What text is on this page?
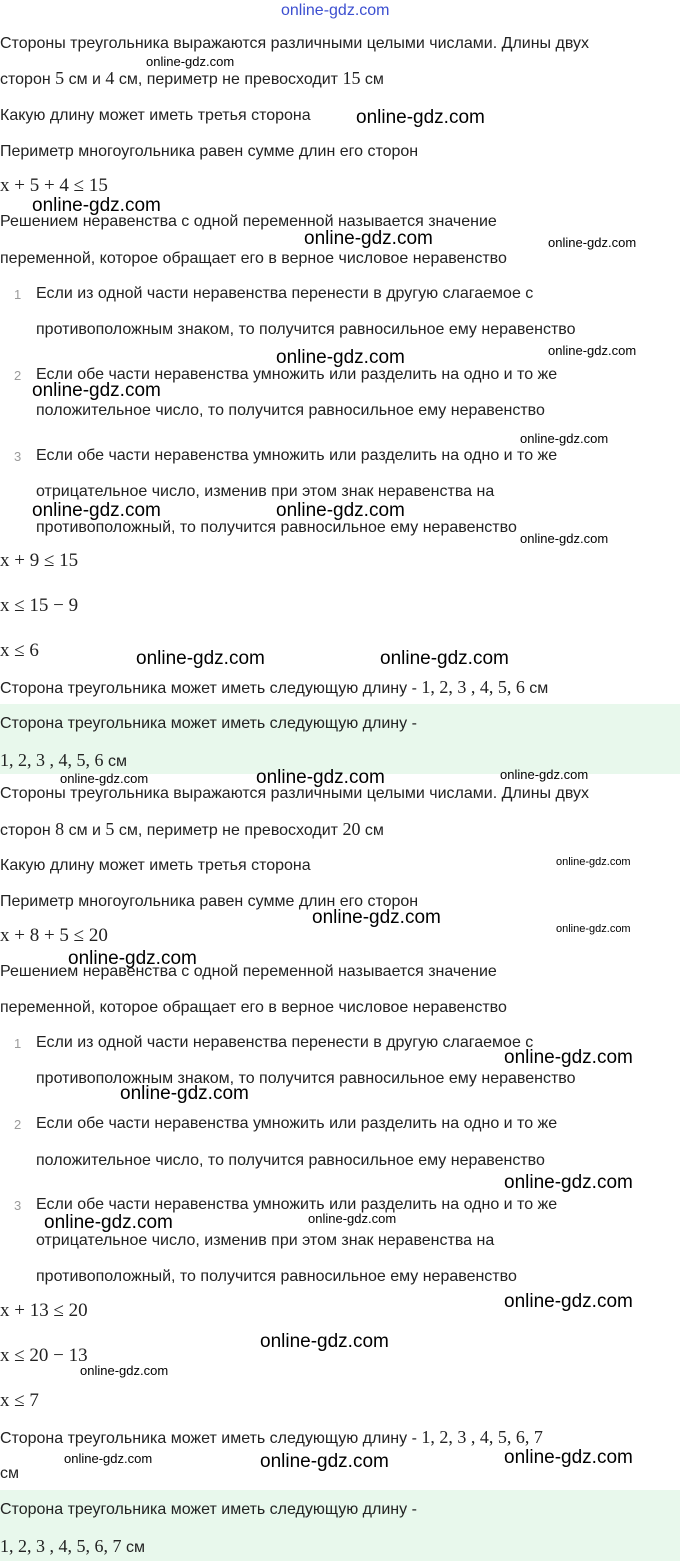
online-gdz.com
Стороны треугольника выражаются различными целыми числами. Длины двух
сторон 5 см и 4 см, периметр не превосходит 15 см
Какую длину может иметь третья сторона
Периметр многоугольника равен сумме длин его сторон
x + 5 + 4 ≤ 15
Решением неравенства с одной переменной называется значение
переменной, которое обращает его в верное числовое неравенство
1 Если из одной части неравенства перенести в другую слагаемое с
противоположным знаком, то получится равносильное ему неравенство
2 Если обе части неравенства умножить или разделить на одно и то же
положительное число, то получится равносильное ему неравенство
3 Если обе части неравенства умножить или разделить на одно и то же
отрицательное число, изменив при этом знак неравенства на
противоположный, то получится равносильное ему неравенство
x + 9 ≤ 15
x ≤ 15 − 9
x ≤ 6
Сторона треугольника может иметь следующую длину - 1, 2, 3 , 4, 5, 6 см
Сторона треугольника может иметь следующую длину -
1, 2, 3 , 4, 5, 6 см
Стороны треугольника выражаются различными целыми числами. Длины двух
сторон 8 см и 5 см, периметр не превосходит 20 см
Какую длину может иметь третья сторона
Периметр многоугольника равен сумме длин его сторон
x + 8 + 5 ≤ 20
Решением неравенства с одной переменной называется значение
переменной, которое обращает его в верное числовое неравенство
1 Если из одной части неравенства перенести в другую слагаемое с
противоположным знаком, то получится равносильное ему неравенство
2 Если обе части неравенства умножить или разделить на одно и то же
положительное число, то получится равносильное ему неравенство
3 Если обе части неравенства умножить или разделить на одно и то же
отрицательное число, изменив при этом знак неравенства на
противоположный, то получится равносильное ему неравенство
x + 13 ≤ 20
x ≤ 20 − 13
x ≤ 7
Сторона треугольника может иметь следующую длину - 1, 2, 3 , 4, 5, 6, 7
см
Сторона треугольника может иметь следующую длину -
1, 2, 3 , 4, 5, 6, 7 см
online-gdz.com
online-gdz.com
online-gdz.com
online-gdz.com	online-gdz.com
online-gdz.com	online-gdz.com
online-gdz.com
online-gdz.com
online-gdz.com	online-gdz.com
online-gdz.com
online-gdz.com	online-gdz.com
online-gdz.com	online-gdz.com	online-gdz.com
online-gdz.com
online-gdz.com
online-gdz.com
online-gdz.com
online-gdz.com
online-gdz.com
online-gdz.com
online-gdz.com	online-gdz.com
online-gdz.com
online-gdz.com
online-gdz.com
online-gdz.com	online-gdz.com	online-gdz.com
